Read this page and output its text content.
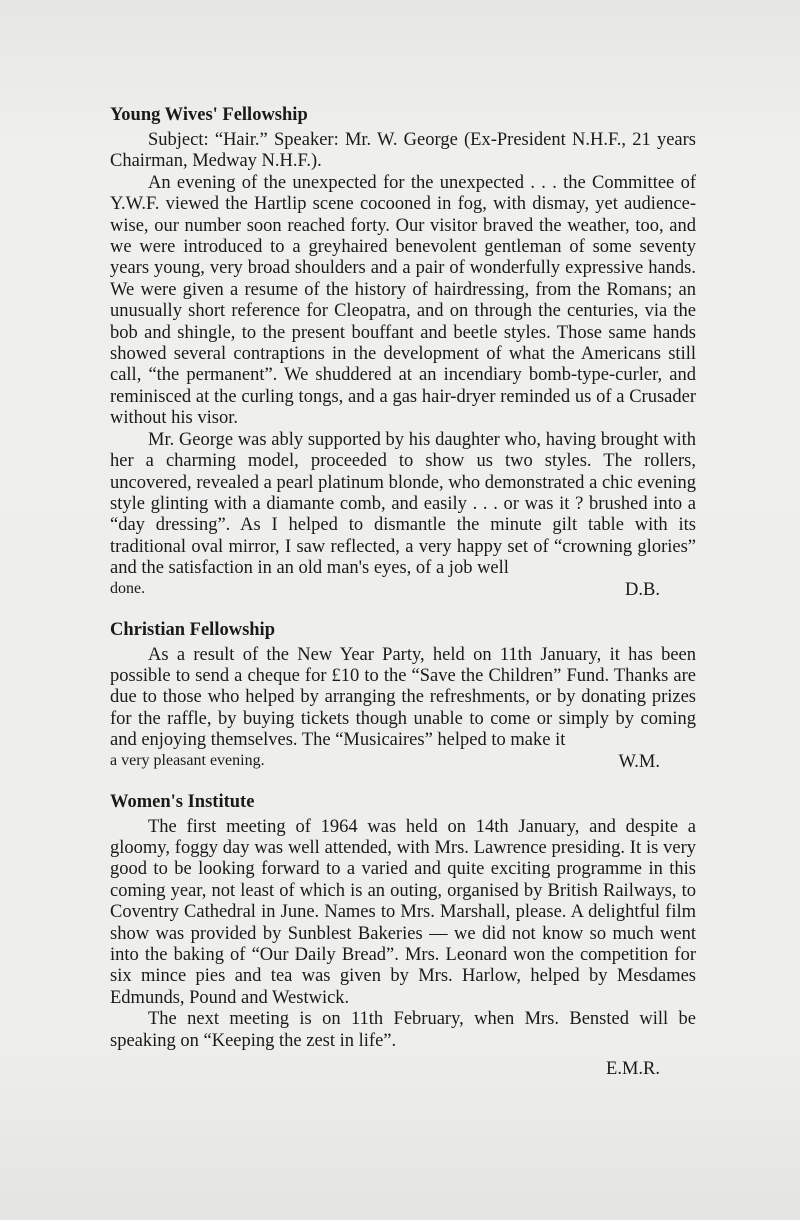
Young Wives' Fellowship

Subject: “Hair.” Speaker: Mr. W. George (Ex-President N.H.F., 21 years Chairman, Medway N.H.F.).

An evening of the unexpected for the unexpected . . . the Committee of Y.W.F. viewed the Hartlip scene cocooned in fog, with dismay, yet audience-wise, our number soon reached forty. Our visitor braved the weather, too, and we were introduced to a greyhaired benevolent gentleman of some seventy years young, very broad shoulders and a pair of wonderfully expressive hands. We were given a resume of the history of hairdressing, from the Romans; an unusually short reference for Cleopatra, and on through the centuries, via the bob and shingle, to the present bouffant and beetle styles. Those same hands showed several contraptions in the development of what the Americans still call, “the permanent”. We shuddered at an incendiary bomb-type-curler, and reminisced at the curling tongs, and a gas hair-dryer reminded us of a Crusader without his visor.

Mr. George was ably supported by his daughter who, having brought with her a charming model, proceeded to show us two styles. The rollers, uncovered, revealed a pearl platinum blonde, who demonstrated a chic evening style glinting with a diamante comb, and easily . . . or was it ? brushed into a “day dressing”. As I helped to dismantle the minute gilt table with its traditional oval mirror, I saw reflected, a very happy set of “crowning glories” and the satisfaction in an old man's eyes, of a job well

done.	D.B.
Christian Fellowship

As a result of the New Year Party, held on 11th January, it has been possible to send a cheque for £10 to the “Save the Children” Fund. Thanks are due to those who helped by arranging the refreshments, or by donating prizes for the raffle, by buying tickets though unable to come or simply by coming and enjoying themselves. The “Musicaires” helped to make it

a very pleasant evening.	W.M.
Women's Institute

The first meeting of 1964 was held on 14th January, and despite a gloomy, foggy day was well attended, with Mrs. Lawrence presiding. It is very good to be looking forward to a varied and quite exciting programme in this coming year, not least of which is an outing, organised by British Railways, to Coventry Cathedral in June. Names to Mrs. Marshall, please. A delightful film show was provided by Sunblest Bakeries — we did not know so much went into the baking of “Our Daily Bread”. Mrs. Leonard won the competition for six mince pies and tea was given by Mrs. Harlow, helped by Mesdames Edmunds, Pound and Westwick.

The next meeting is on 11th February, when Mrs. Bensted will be speaking on “Keeping the zest in life”.

E.M.R.
